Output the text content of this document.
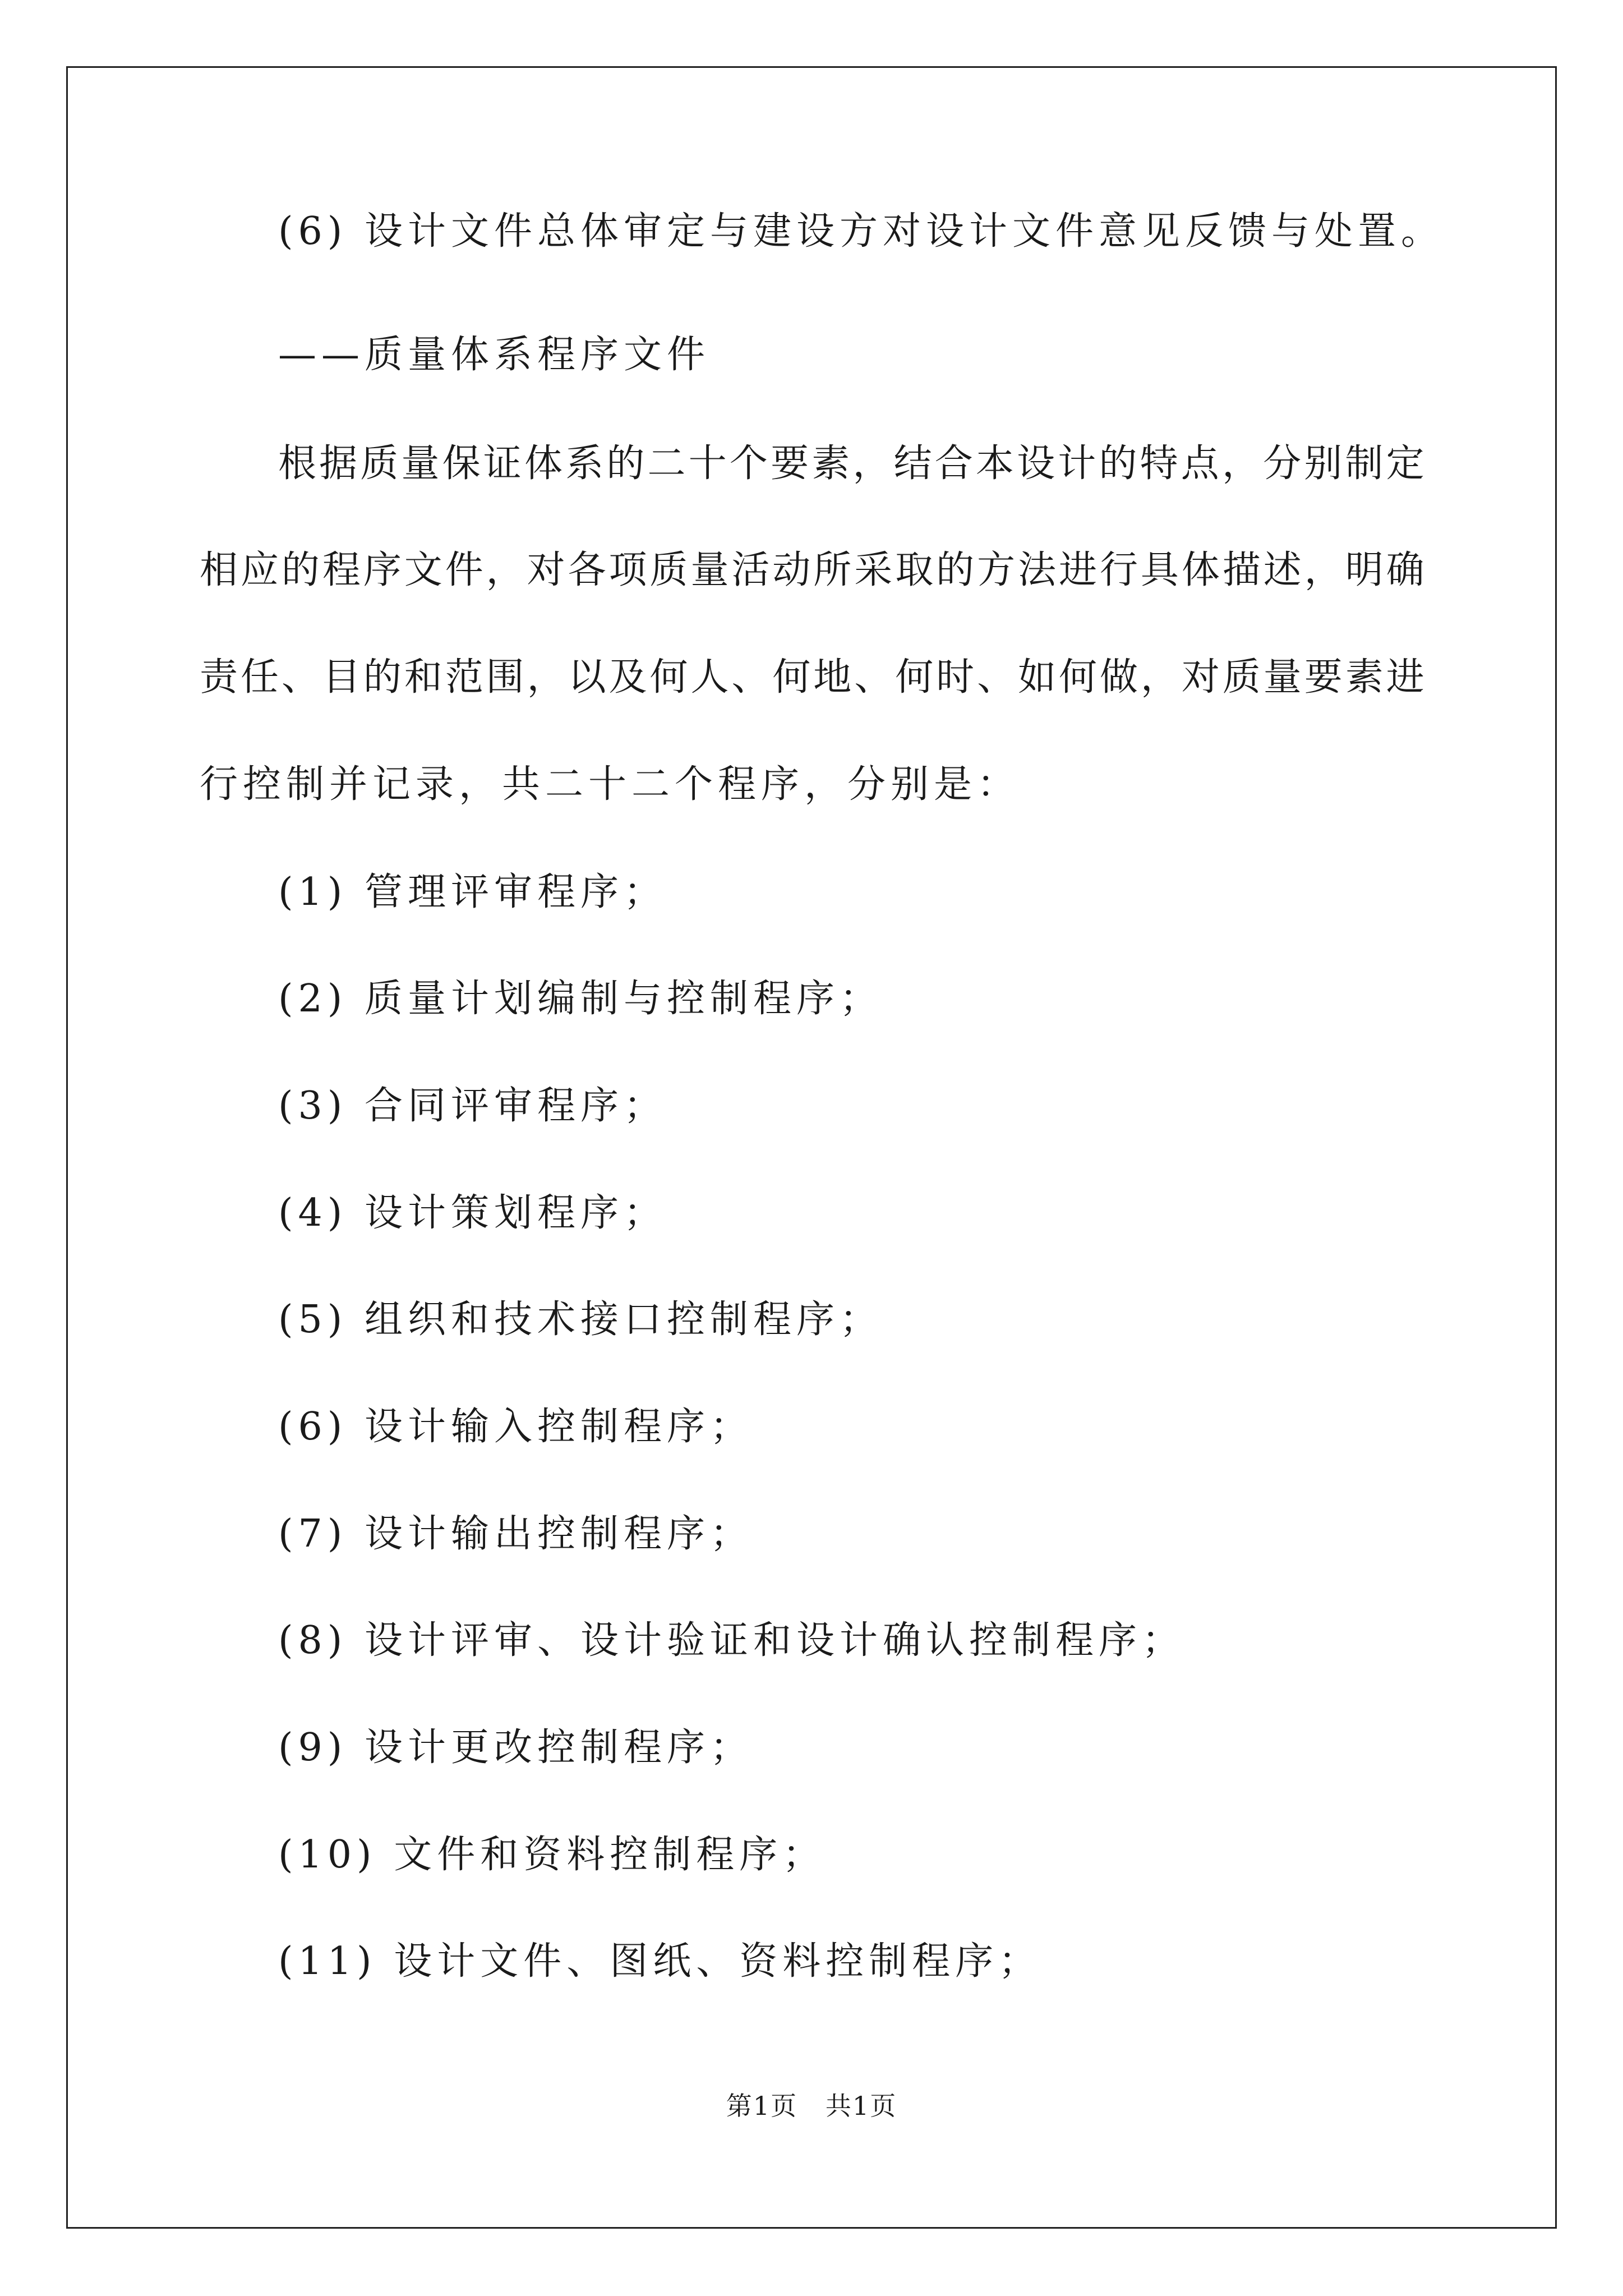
(6) 设计文件总体审定与建设方对设计文件意见反馈与处置。
——质量体系程序文件
根 据 质 量 保 证 体 系 的 二 十 个 要 素 ， 结 合 本 设 计 的 特 点 ， 分 别 制 定
相 应 的 程 序 文 件 ， 对 各 项 质 量 活 动 所 采 取 的 方 法 进 行 具 体 描 述 ， 明 确
责 任 、 目 的 和 范 围 ， 以 及 何 人 、 何 地 、 何 时 、 如 何 做 ， 对 质 量 要 素 进
行控制并记录，共二十二个程序，分别是：
(1) 管理评审程序；
(2) 质量计划编制与控制程序；
(3) 合同评审程序；
(4) 设计策划程序；
(5) 组织和技术接口控制程序；
(6) 设计输入控制程序；
(7) 设计输出控制程序；
(8) 设计评审、设计验证和设计确认控制程序；
(9) 设计更改控制程序；
(10) 文件和资料控制程序；
(11) 设计文件、图纸、资料控制程序；
第1页   共1页
